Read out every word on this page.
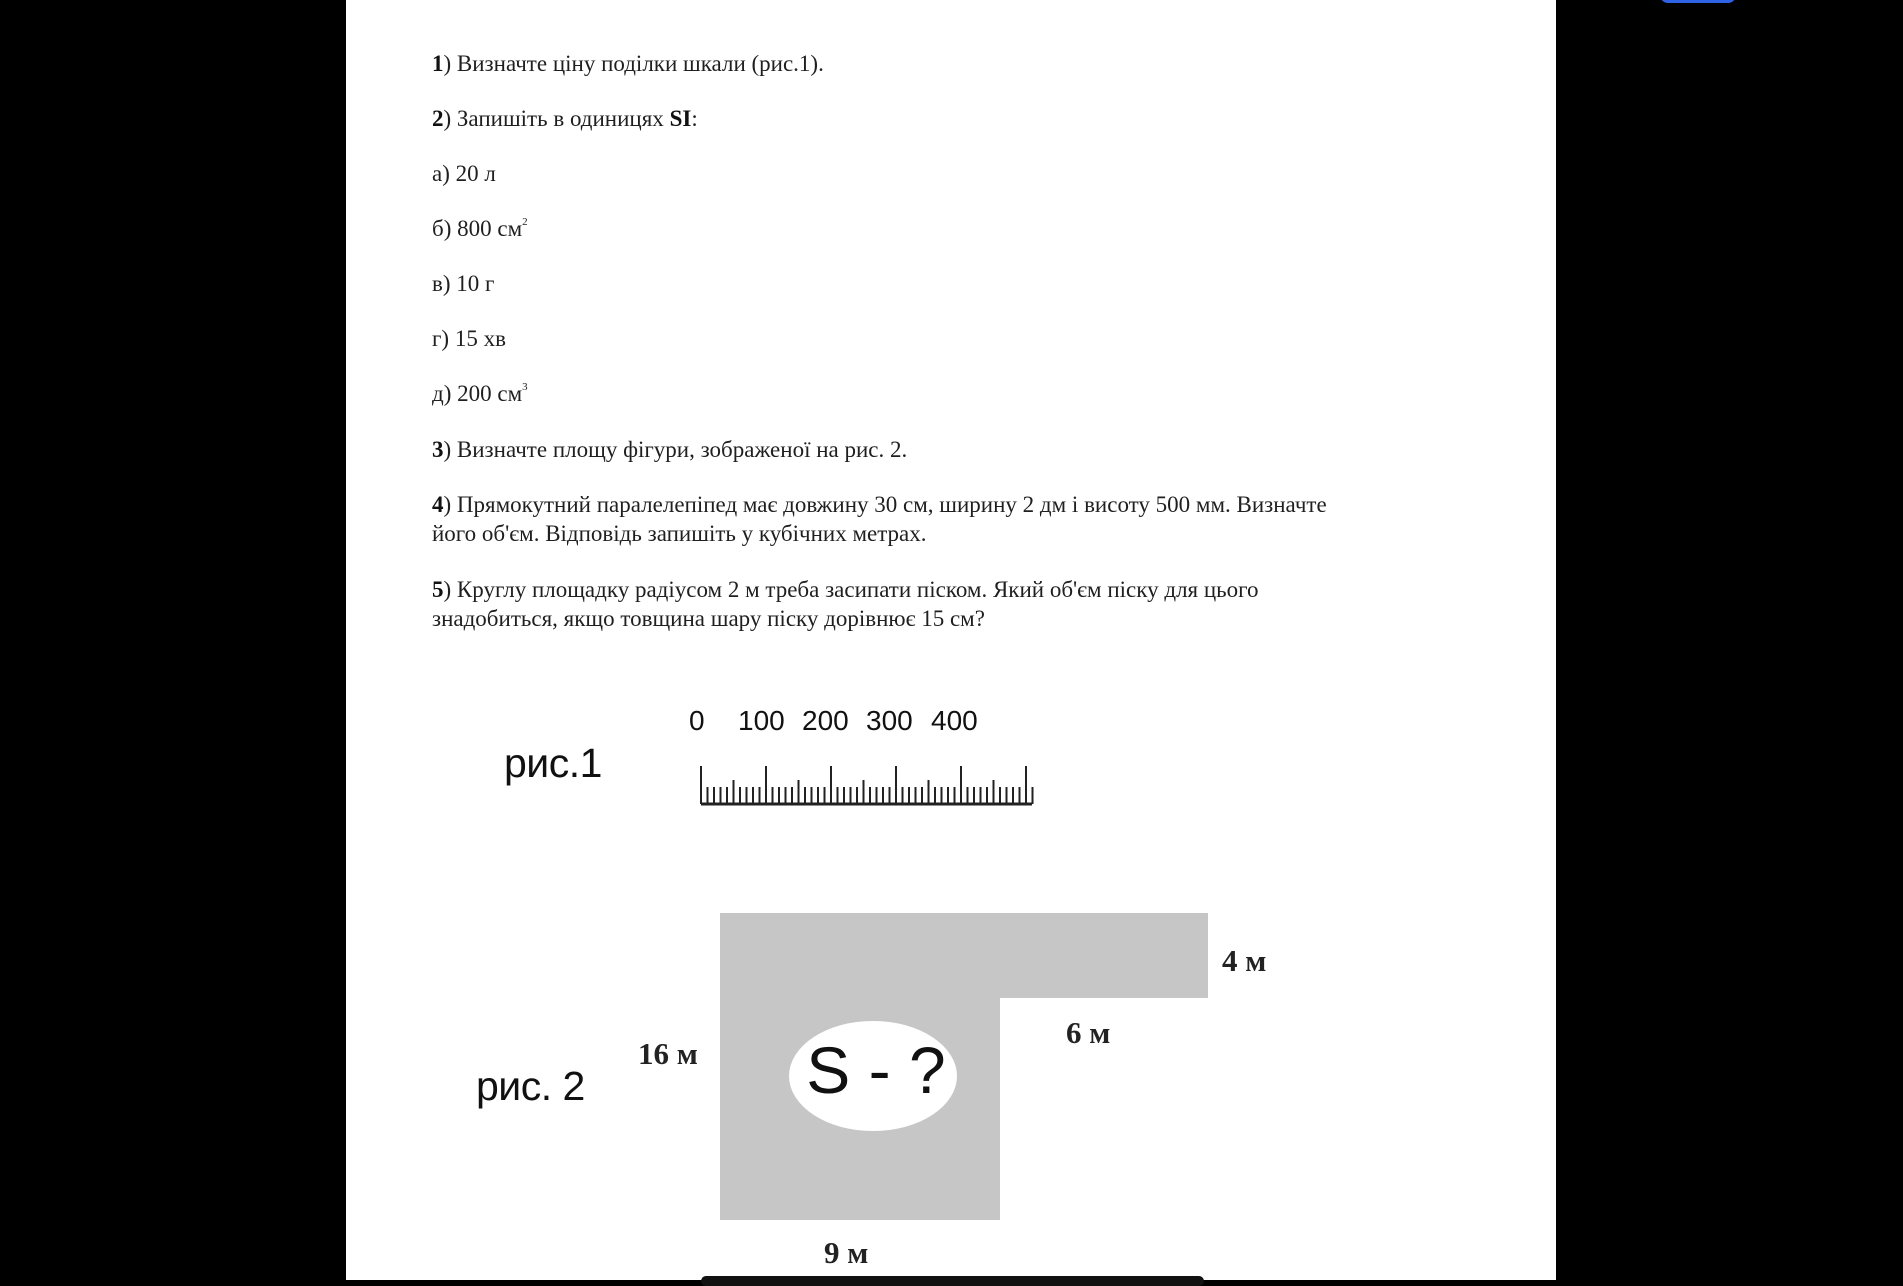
1) Визначте ціну поділки шкали (рис.1).
2) Запишіть в одиницях SI:
а) 20 л
б) 800 $см^2$
в) 10 г
г) 15 хв
д) 200 $см^3$
3) Визначте площу фігури, зображеної на рис. 2.
4) Прямокутний паралелепіпед має довжину 30 см, ширину 2 дм і висоту 500 мм. Визначте
його об'єм. Відповідь запишіть у кубічних метрах.
5) Круглу площадку радіусом 2 м треба засипати піском. Який об'єм піску для цього
знадобиться, якщо товщина шару піску дорівнює 15 см?
рис.1
0 100 200 300 400
рис. 2	S - ?
4 м
6 м
16 м
9 м
